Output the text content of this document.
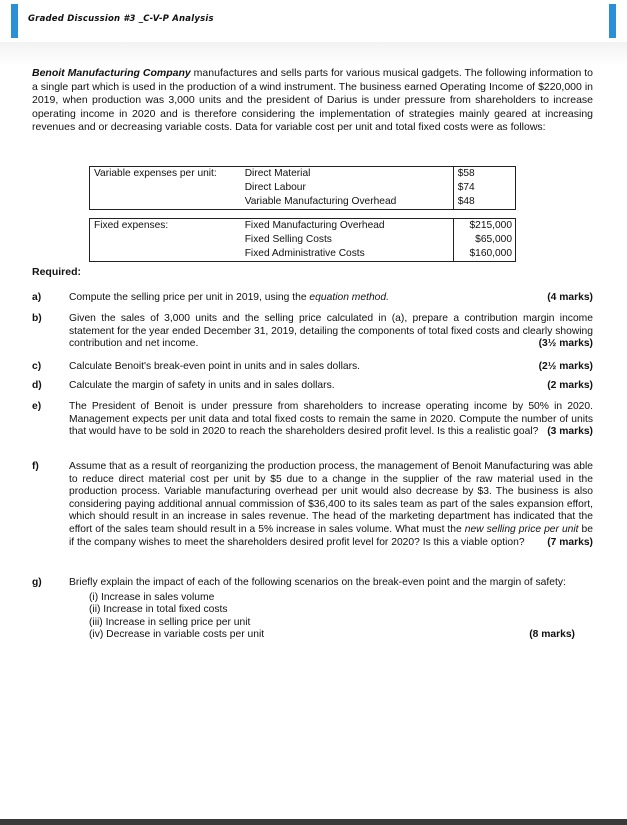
Graded Discussion #3 _C-V-P Analysis
Benoit Manufacturing Company manufactures and sells parts for various musical gadgets. The following information to a single part which is used in the production of a wind instrument. The business earned Operating Income of $220,000 in 2019, when production was 3,000 units and the president of Darius is under pressure from shareholders to increase operating income in 2020 and is therefore considering the implementation of strategies mainly geared at increasing revenues and or decreasing variable costs. Data for variable cost per unit and total fixed costs were as follows:
Variable expenses per unit:	Direct Material	$58
	Direct Labour	$74
	Variable Manufacturing Overhead	$48

Fixed expenses:	Fixed Manufacturing Overhead	$215,000
	Fixed Selling Costs	$65,000
	Fixed Administrative Costs	$160,000
Required:
a)	(4 marks)
Compute the selling price per unit in 2019, using the equation method.
b)	Given the sales of 3,000 units and the selling price calculated in (a), prepare a contribution margin income statement for the year ended December 31, 2019, detailing the components of total fixed costs and clearly showing contribution and net income.	(3½ marks)
c)	(2½ marks)
Calculate Benoit's break-even point in units and in sales dollars.
d)	(2 marks)
Calculate the margin of safety in units and in sales dollars.
e)	The President of Benoit is under pressure from shareholders to increase operating income by 50% in 2020. Management expects per unit data and total fixed costs to remain the same in 2020. Compute the number of units that would have to be sold in 2020 to reach the shareholders desired profit level. Is this a realistic goal? (3 marks)
f)	Assume that as a result of reorganizing the production process, the management of Benoit Manufacturing was able to reduce direct material cost per unit by $5 due to a change in the supplier of the raw material used in the production process. Variable manufacturing overhead per unit would also decrease by $3. The business is also considering paying additional annual commission of $36,400 to its sales team as part of the sales expansion effort, which should result in an increase in sales revenue. The head of the marketing department has indicated that the effort of the sales team should result in a 5% increase in sales volume. What must the new selling price per unit be if the company wishes to meet the shareholders desired profit level for 2020? Is this a viable option? (7 marks)
g)	Briefly explain the impact of each of the following scenarios on the break-even point and the margin of safety:
(i) Increase in sales volume
(ii) Increase in total fixed costs
(iii) Increase in selling price per unit
(iv) Decrease in variable costs per unit	(8 marks)
